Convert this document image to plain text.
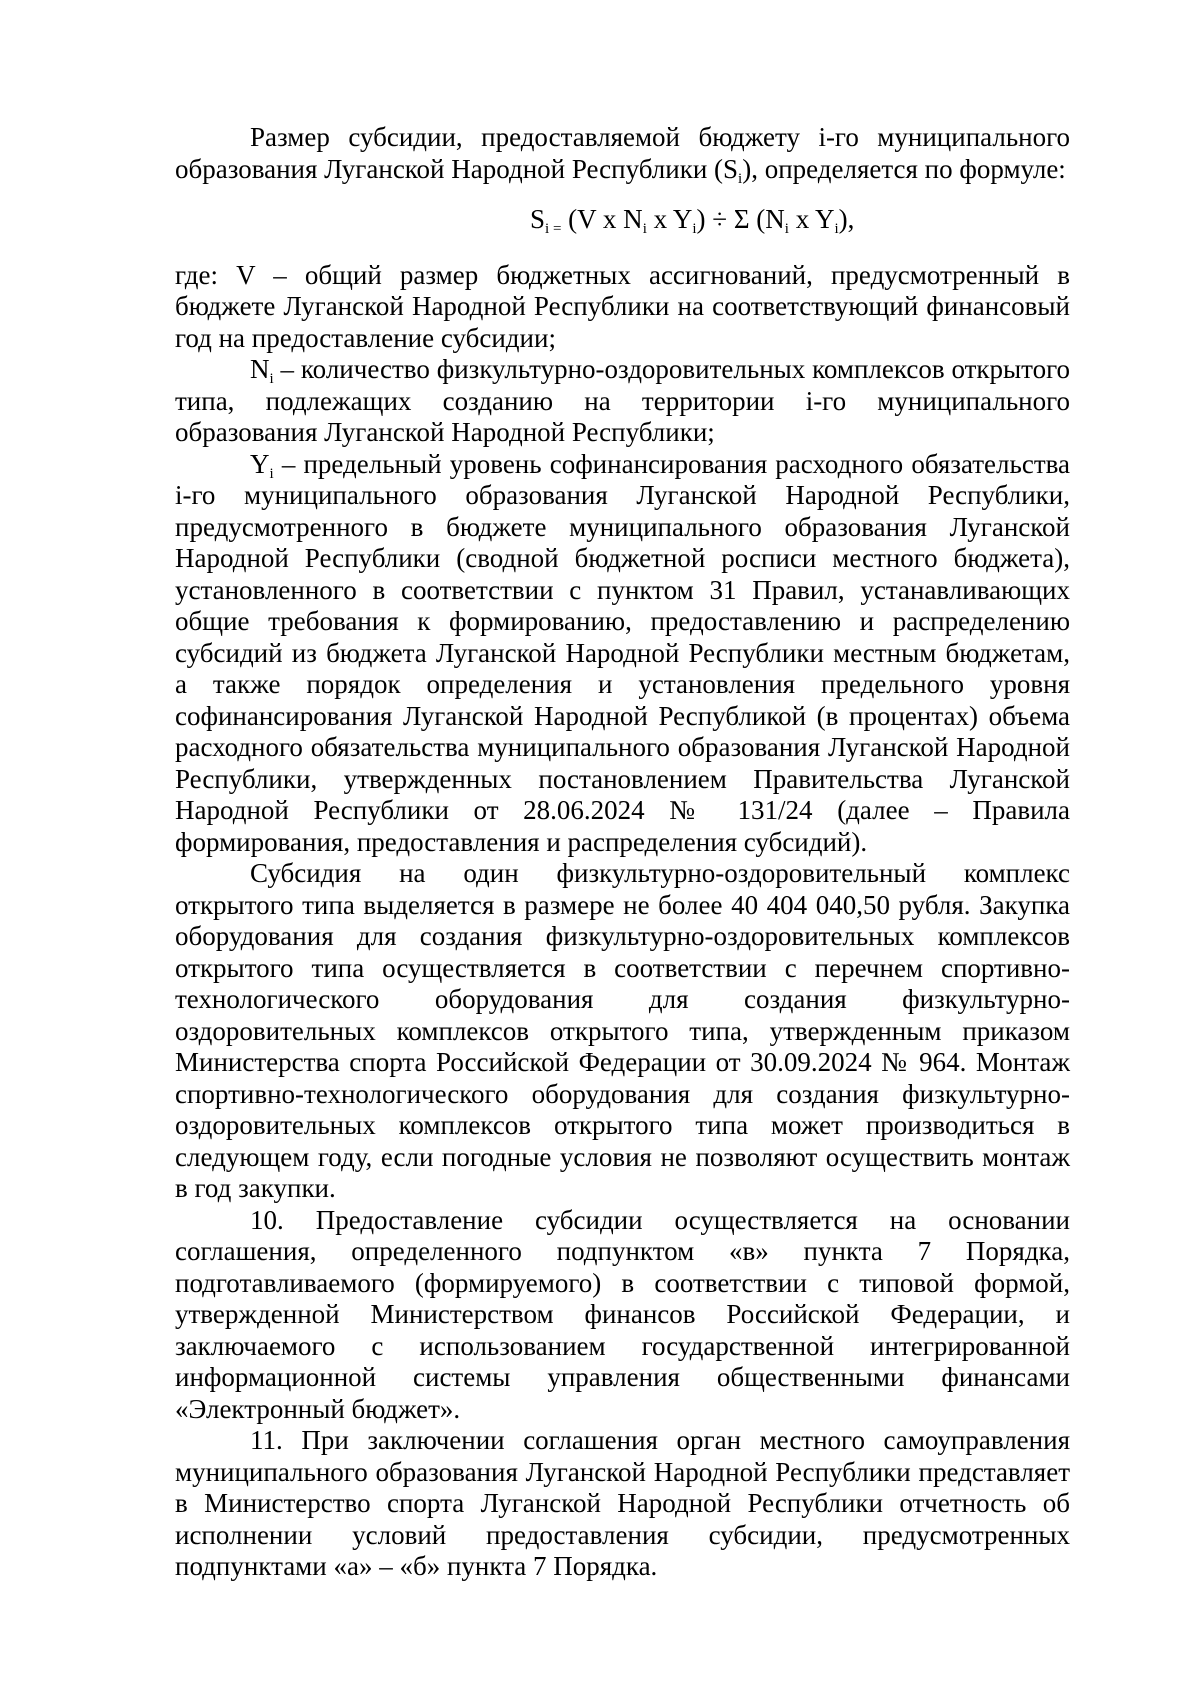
Размер субсидии, предоставляемой бюджету i-го муниципального образования Луганской Народной Республики $(S_i)$, определяется по формуле:

$S_{i =}$ (V x $N_i$ x $Y_i) \div \Sigma$ ($N_i$ x $Y_i$),

где: V – общий размер бюджетных ассигнований, предусмотренный в бюджете Луганской Народной Республики на соответствующий финансовый год на предоставление субсидии;

$N_i$ – количество физкультурно-оздоровительных комплексов открытого типа, подлежащих созданию на территории i-го муниципального образования Луганской Народной Республики;

$Y_i$ – предельный уровень софинансирования расходного обязательства i-го муниципального образования Луганской Народной Республики, предусмотренного в бюджете муниципального образования Луганской Народной Республики (сводной бюджетной росписи местного бюджета), установленного в соответствии с пунктом 31 Правил, устанавливающих общие требования к формированию, предоставлению и распределению субсидий из бюджета Луганской Народной Республики местным бюджетам, а также порядок определения и установления предельного уровня софинансирования Луганской Народной Республикой (в процентах) объема расходного обязательства муниципального образования Луганской Народной Республики, утвержденных постановлением Правительства Луганской Народной Республики от 28.06.2024 № 131/24 (далее – Правила формирования, предоставления и распределения субсидий).

Субсидия на один физкультурно-оздоровительный комплекс открытого типа выделяется в размере не более 40 404 040,50 рубля. Закупка оборудования для создания физкультурно-оздоровительных комплексов открытого типа осуществляется в соответствии с перечнем спортивно-технологического оборудования для создания физкультурно-оздоровительных комплексов открытого типа, утвержденным приказом Министерства спорта Российской Федерации от 30.09.2024 № 964. Монтаж спортивно-технологического оборудования для создания физкультурно-оздоровительных комплексов открытого типа может производиться в следующем году, если погодные условия не позволяют осуществить монтаж в год закупки.

10. Предоставление субсидии осуществляется на основании соглашения, определенного подпунктом «в» пункта 7 Порядка, подготавливаемого (формируемого) в соответствии с типовой формой, утвержденной Министерством финансов Российской Федерации, и заключаемого с использованием государственной интегрированной информационной системы управления общественными финансами «Электронный бюджет».

11. При заключении соглашения орган местного самоуправления муниципального образования Луганской Народной Республики представляет в Министерство спорта Луганской Народной Республики отчетность об исполнении условий предоставления субсидии, предусмотренных подпунктами «а» – «б» пункта 7 Порядка.
